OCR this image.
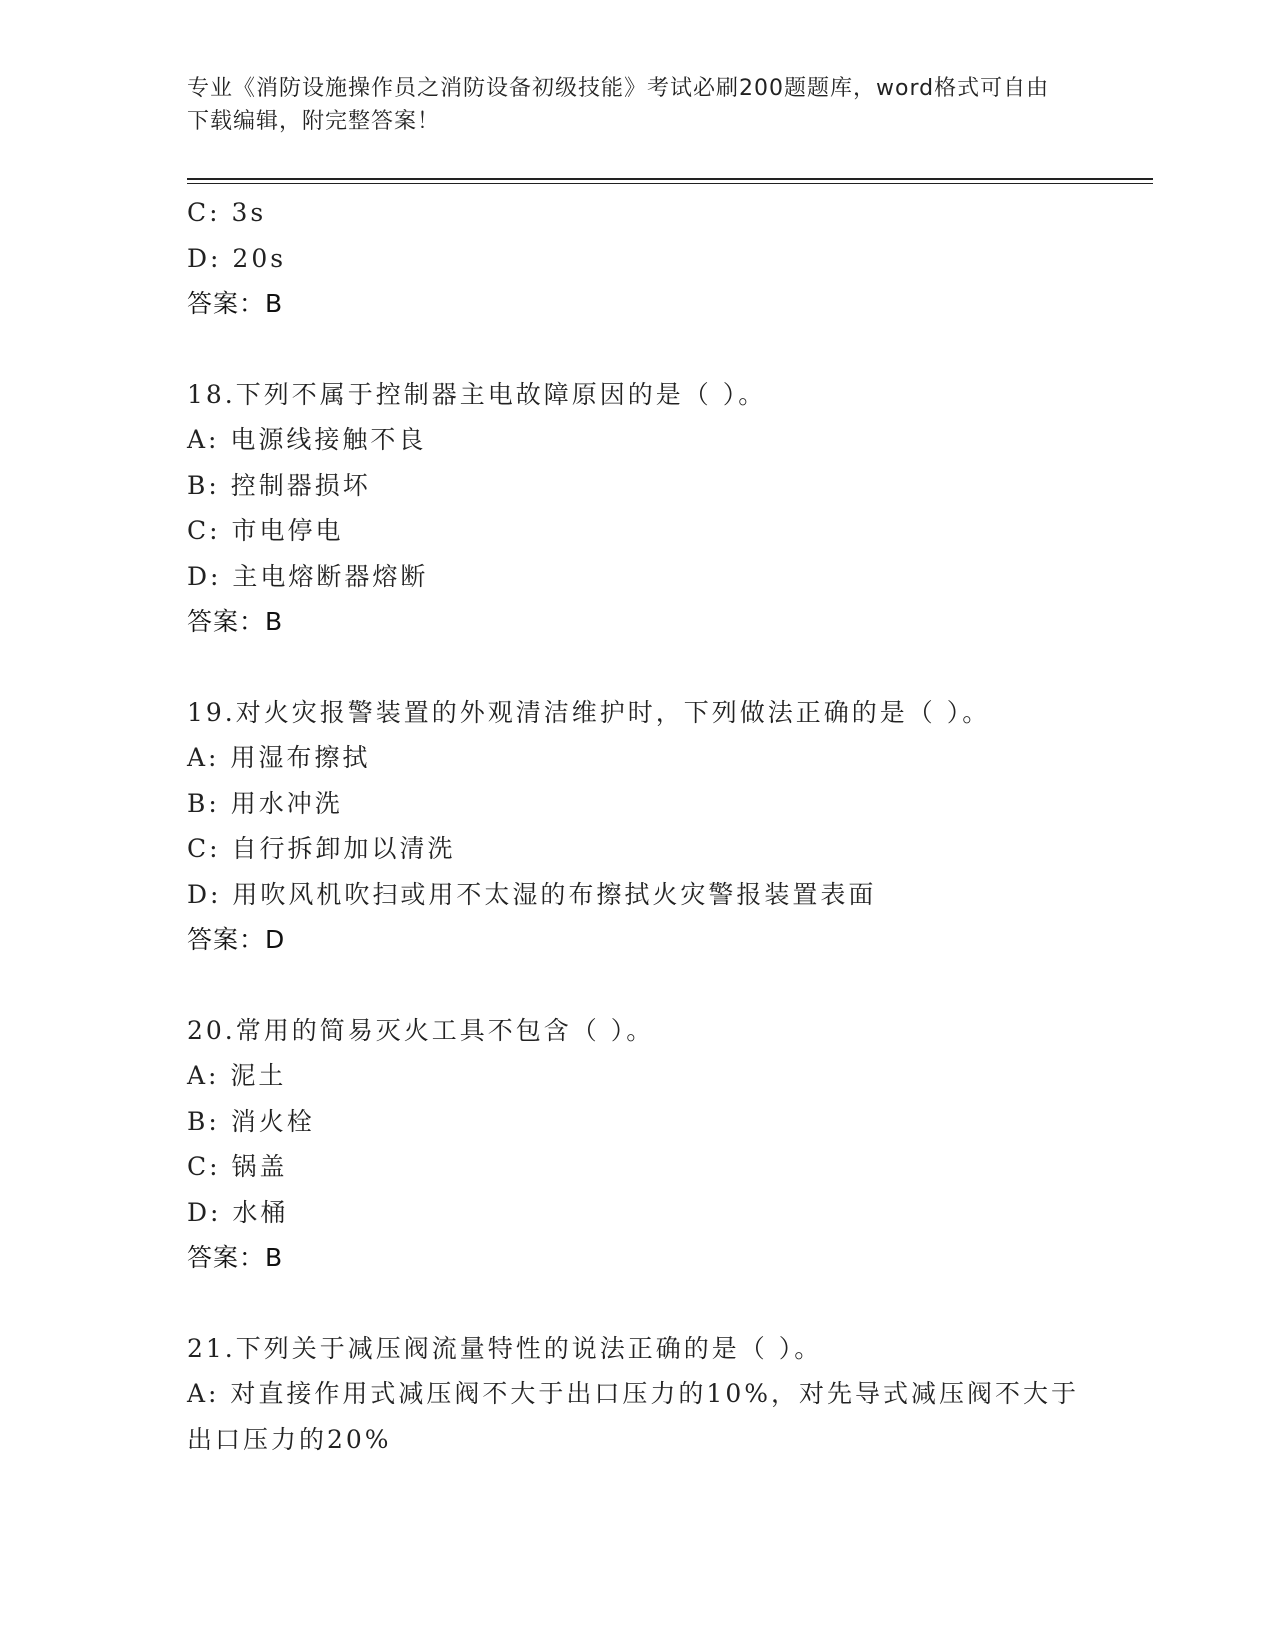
专业《消防设施操作员之消防设备初级技能》考试必刷200题题库，word格式可自由下载编辑，附完整答案！
C: 3s
D: 20s
答案：B
18.下列不属于控制器主电故障原因的是（ ）。
A: 电源线接触不良
B: 控制器损坏
C: 市电停电
D: 主电熔断器熔断
答案：B
19.对火灾报警装置的外观清洁维护时，下列做法正确的是（ ）。
A: 用湿布擦拭
B: 用水冲洗
C: 自行拆卸加以清洗
D: 用吹风机吹扫或用不太湿的布擦拭火灾警报装置表面
答案：D
20.常用的简易灭火工具不包含（ ）。
A: 泥土
B: 消火栓
C: 锅盖
D: 水桶
答案：B
21.下列关于减压阀流量特性的说法正确的是（ ）。
A: 对直接作用式减压阀不大于出口压力的10%，对先导式减压阀不大于出口压力的20%
